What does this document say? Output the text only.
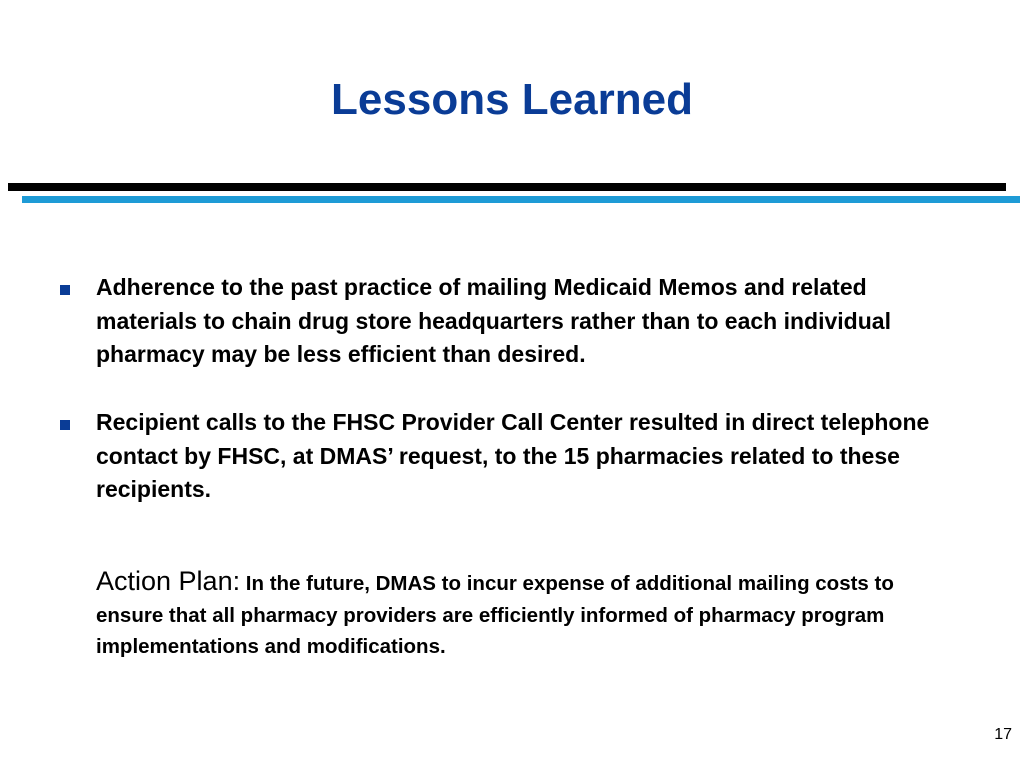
Lessons Learned

Adherence to the past practice of mailing Medicaid Memos and related materials to chain drug store headquarters rather than to each individual pharmacy may be less efficient than desired.

Recipient calls to the FHSC Provider Call Center resulted in direct telephone contact by FHSC, at DMAS’ request, to the 15 pharmacies related to these recipients.

Action Plan: In the future, DMAS to incur expense of additional mailing costs to ensure that all pharmacy providers are efficiently informed of pharmacy program implementations and modifications.

17
